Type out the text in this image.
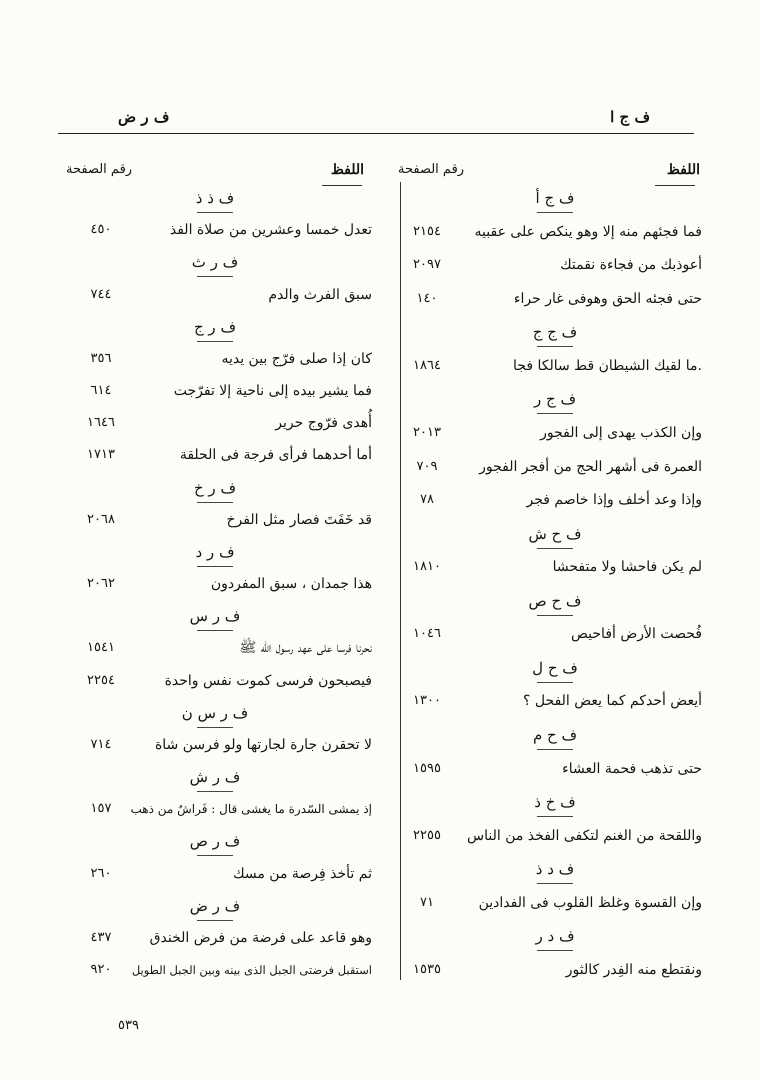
ف ج ا
ف ر ض
اللفظ
رقم الصفحة
اللفظ
رقم الصفحة
ف ج أ
فما فجئهم منه إلا وهو ينكص على عقبيه
٢١٥٤
أعوذبك من فجاءة نقمتك
٢٠٩٧
حتى فجئه الحق وهوفى غار حراء
١٤٠
ف ج ج
.ما لقيك الشيطان قط سالكا فجا
١٨٦٤
ف ج ر
وإن الكذب يهدى إلى الفجور
٢٠١٣
العمرة فى أشهر الحج من أفجر الفجور
٧٠٩
وإذا وعد أخلف وإذا خاصم فجر
٧٨
ف ح ش
لم يكن فاحشا ولا متفحشا
١٨١٠
ف ح ص
فُحصت الأرض أفاحيص
١٠٤٦
ف ح ل
أيعض أحدكم كما يعض الفحل ؟
١٣٠٠
ف ح م
حتى تذهب فحمة العشاء
١٥٩٥
ف خ ذ
واللقحة من الغنم لتكفى الفخذ من الناس
٢٢٥٥
ف د ذ
وإن القسوة وغلظ القلوب فى الفدادين
٧١
ف د ر
ونقتطع منه الفِدر كالثور
١٥٣٥
ف ذ ذ
تعدل خمسا وعشرين من صلاة الفذ
٤٥٠
ف ر ث
سبق الفرث والدم
٧٤٤
ف ر ج
كان إذا صلى فرّج بين يديه
٣٥٦
فما يشير بيده إلى ناحية إلا تفرّجت
٦١٤
أُهدى فرّوج حرير
١٦٤٦
أما أحدهما فرأى فرجة فى الحلقة
١٧١٣
ف ر خ
قد خَفَتَ فصار مثل الفرخ
٢٠٦٨
ف ر د
هذا جمدان ، سبق المفردون
٢٠٦٢
ف ر س
نحرنا فرسا على عهد رسول الله ﷺ
١٥٤١
فيصبحون فرسى كموت نفس واحدة
٢٢٥٤
ف ر س ن
لا تحقرن جارة لجارتها ولو فرسن شاة
٧١٤
ف ر ش
إذ يمشى السّدرة ما يغشى قال : فَراشٌ من ذهب
١٥٧
ف ر ص
ثم تأخذ فِرصة من مسك
٢٦٠
ف ر ض
وهو قاعد على فرضة من فرض الخندق
٤٣٧
استقبل فرضتى الجبل الذى بينه وبين الجبل الطويل
٩٢٠
٥٣٩
